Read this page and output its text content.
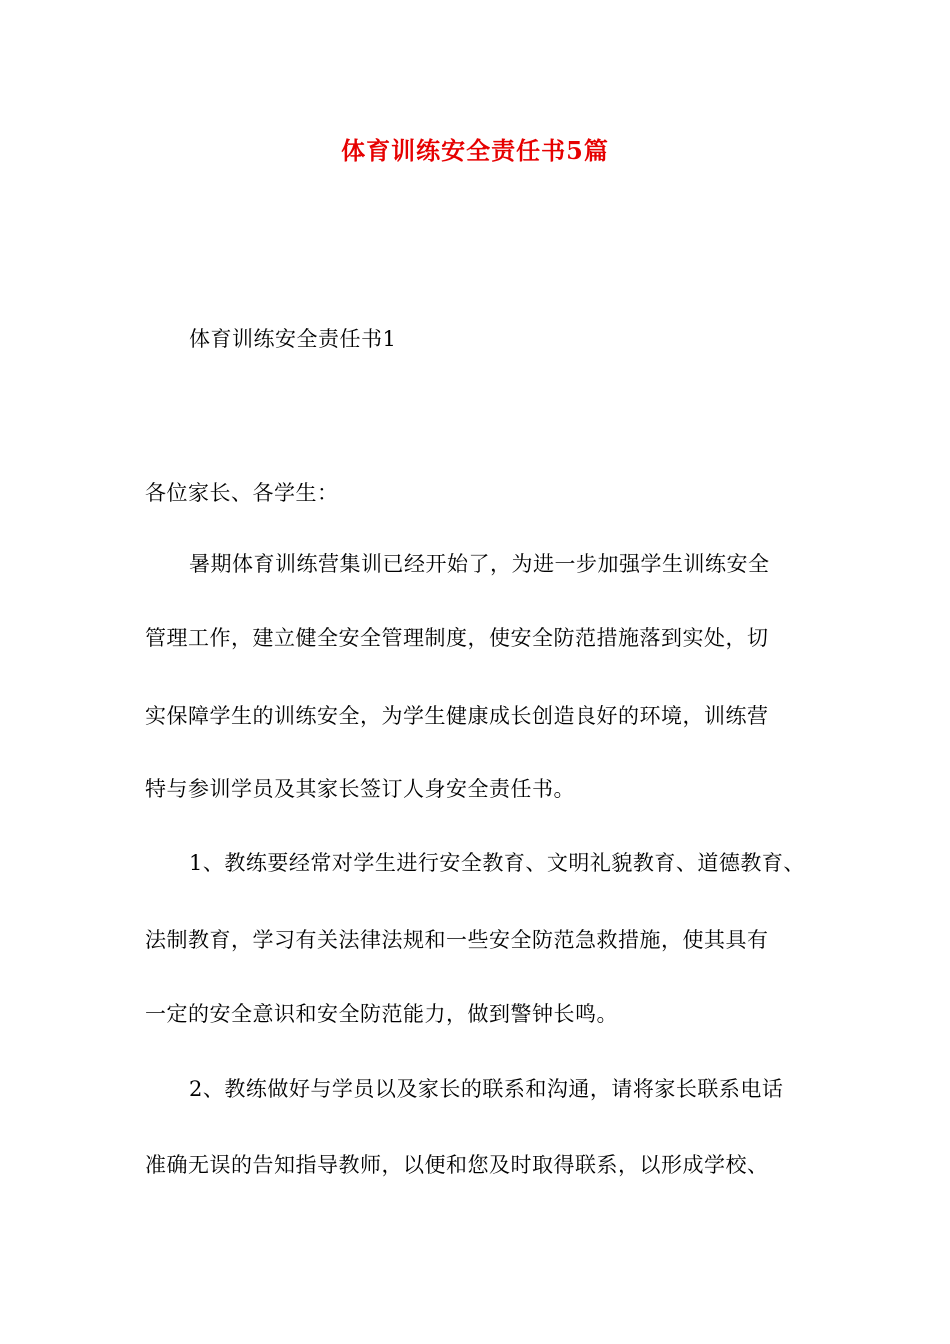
体育训练安全责任书5篇
体育训练安全责任书1
各位家长、各学生：
暑期体育训练营集训已经开始了，为进一步加强学生训练安全
管理工作，建立健全安全管理制度，使安全防范措施落到实处，切
实保障学生的训练安全，为学生健康成长创造良好的环境，训练营
特与参训学员及其家长签订人身安全责任书。
1、教练要经常对学生进行安全教育、文明礼貌教育、道德教育、
法制教育，学习有关法律法规和一些安全防范急救措施，使其具有
一定的安全意识和安全防范能力，做到警钟长鸣。
2、教练做好与学员以及家长的联系和沟通，请将家长联系电话
准确无误的告知指导教师，以便和您及时取得联系，以形成学校、
